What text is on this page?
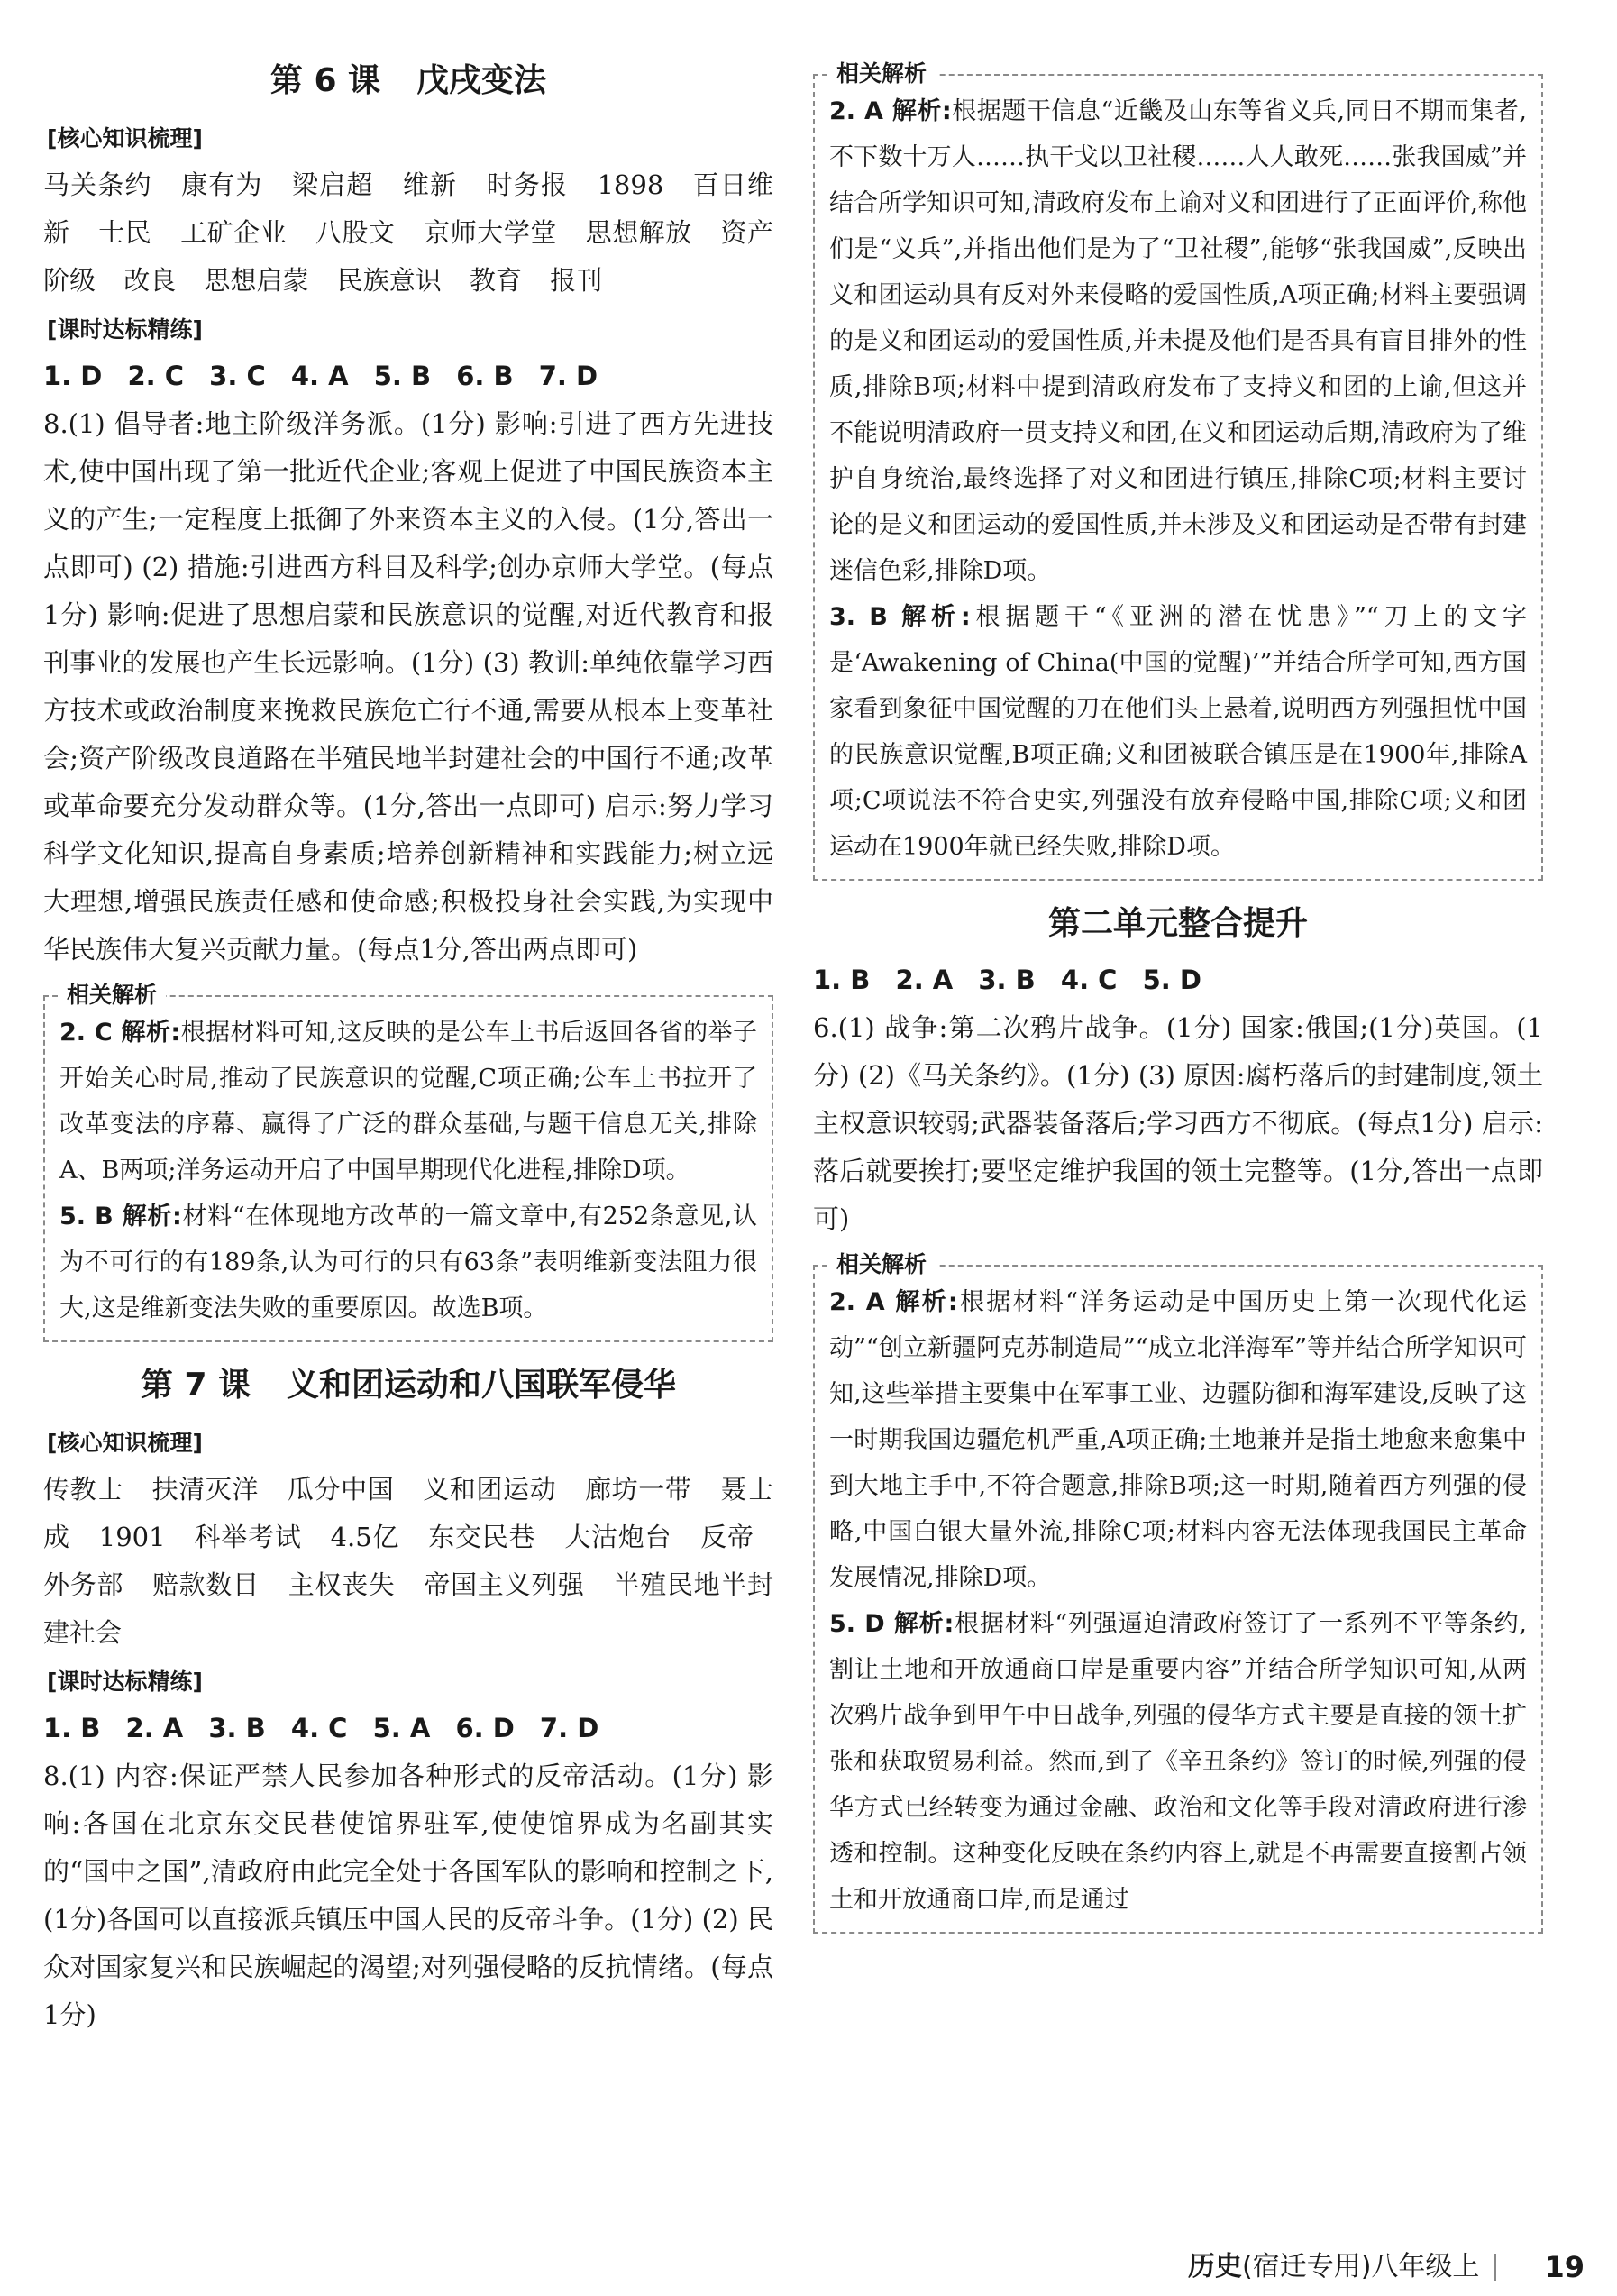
第 6 课 戊戌变法
[ 核心知识梳理 ]
马关条约 康有为 梁启超 维新 时务报 1898 百日维新 士民 工矿企业 八股文 京师大学堂 思想解放 资产阶级 改良 思想启蒙 民族意识 教育 报刊
[ 课时达标精练 ]
1. D 2. C 3. C 4. A 5. B 6. B 7. D

8.(1) 倡导者:地主阶级洋务派。(1分) 影响:引进了西方先进技术,使中国出现了第一批近代企业;客观上促进了中国民族资本主义的产生;一定程度上抵御了外来资本主义的入侵。(1分,答出一点即可) (2) 措施:引进西方科目及科学;创办京师大学堂。(每点1分) 影响:促进了思想启蒙和民族意识的觉醒,对近代教育和报刊事业的发展也产生长远影响。(1分) (3) 教训:单纯依靠学习西方技术或政治制度来挽救民族危亡行不通,需要从根本上变革社会;资产阶级改良道路在半殖民地半封建社会的中国行不通;改革或革命要充分发动群众等。(1分,答出一点即可) 启示:努力学习科学文化知识,提高自身素质;培养创新精神和实践能力;树立远大理想,增强民族责任感和使命感;积极投身社会实践,为实现中华民族伟大复兴贡献力量。(每点1分,答出两点即可)

相关解析

2. C 解析:根据材料可知,这反映的是公车上书后返回各省的举子开始关心时局,推动了民族意识的觉醒,C项正确;公车上书拉开了改革变法的序幕、赢得了广泛的群众基础,与题干信息无关,排除A、B两项;洋务运动开启了中国早期现代化进程,排除D项。

5. B 解析:材料“在体现地方改革的一篇文章中,有252条意见,认为不可行的有189条,认为可行的只有63条”表明维新变法阻力很大,这是维新变法失败的重要原因。故选B项。

第 7 课 义和团运动和八国联军侵华
[ 核心知识梳理 ]
传教士 扶清灭洋 瓜分中国 义和团运动 廊坊一带 聂士成 1901 科举考试 4.5亿 东交民巷 大沽炮台 反帝 外务部 赔款数目 主权丧失 帝国主义列强 半殖民地半封建社会
[ 课时达标精练 ]
1. B 2. A 3. B 4. C 5. A 6. D 7. D

8.(1) 内容:保证严禁人民参加各种形式的反帝活动。(1分) 影响:各国在北京东交民巷使馆界驻军,使使馆界成为名副其实的“国中之国”,清政府由此完全处于各国军队的影响和控制之下,(1分)各国可以直接派兵镇压中国人民的反帝斗争。(1分) (2) 民众对国家复兴和民族崛起的渴望;对列强侵略的反抗情绪。(每点1分)

相关解析

2. A 解析:根据题干信息“近畿及山东等省义兵,同日不期而集者,不下数十万人……执干戈以卫社稷……人人敢死……张我国威”并结合所学知识可知,清政府发布上谕对义和团进行了正面评价,称他们是“义兵”,并指出他们是为了“卫社稷”,能够“张我国威”,反映出义和团运动具有反对外来侵略的爱国性质,A项正确;材料主要强调的是义和团运动的爱国性质,并未提及他们是否具有盲目排外的性质,排除B项;材料中提到清政府发布了支持义和团的上谕,但这并不能说明清政府一贯支持义和团,在义和团运动后期,清政府为了维护自身统治,最终选择了对义和团进行镇压,排除C项;材料主要讨论的是义和团运动的爱国性质,并未涉及义和团运动是否带有封建迷信色彩,排除D项。

3. B 解析:根据题干“《亚洲的潜在忧患》”“刀上的文字是‘Awakening of China(中国的觉醒)’”并结合所学可知,西方国家看到象征中国觉醒的刀在他们头上悬着,说明西方列强担忧中国的民族意识觉醒,B项正确;义和团被联合镇压是在1900年,排除A项;C项说法不符合史实,列强没有放弃侵略中国,排除C项;义和团运动在1900年就已经失败,排除D项。

第二单元整合提升
1. B 2. A 3. B 4. C 5. D

6.(1) 战争:第二次鸦片战争。(1分) 国家:俄国;(1分)英国。(1分) (2)《马关条约》。(1分) (3) 原因:腐朽落后的封建制度,领土主权意识较弱;武器装备落后;学习西方不彻底。(每点1分) 启示:落后就要挨打;要坚定维护我国的领土完整等。(1分,答出一点即可)

相关解析

2. A 解析:根据材料“洋务运动是中国历史上第一次现代化运动”“创立新疆阿克苏制造局”“成立北洋海军”等并结合所学知识可知,这些举措主要集中在军事工业、边疆防御和海军建设,反映了这一时期我国边疆危机严重,A项正确;土地兼并是指土地愈来愈集中到大地主手中,不符合题意,排除B项;这一时期,随着西方列强的侵略,中国白银大量外流,排除C项;材料内容无法体现我国民主革命发展情况,排除D项。

5. D 解析:根据材料“列强逼迫清政府签订了一系列不平等条约,割让土地和开放通商口岸是重要内容”并结合所学知识可知,从两次鸦片战争到甲午中日战争,列强的侵华方式主要是直接的领土扩张和获取贸易利益。然而,到了《辛丑条约》签订的时候,列强的侵华方式已经转变为通过金融、政治和文化等手段对清政府进行渗透和控制。这种变化反映在条约内容上,就是不再需要直接割占领土和开放通商口岸,而是通过

历史(宿迁专用)八年级上 19
